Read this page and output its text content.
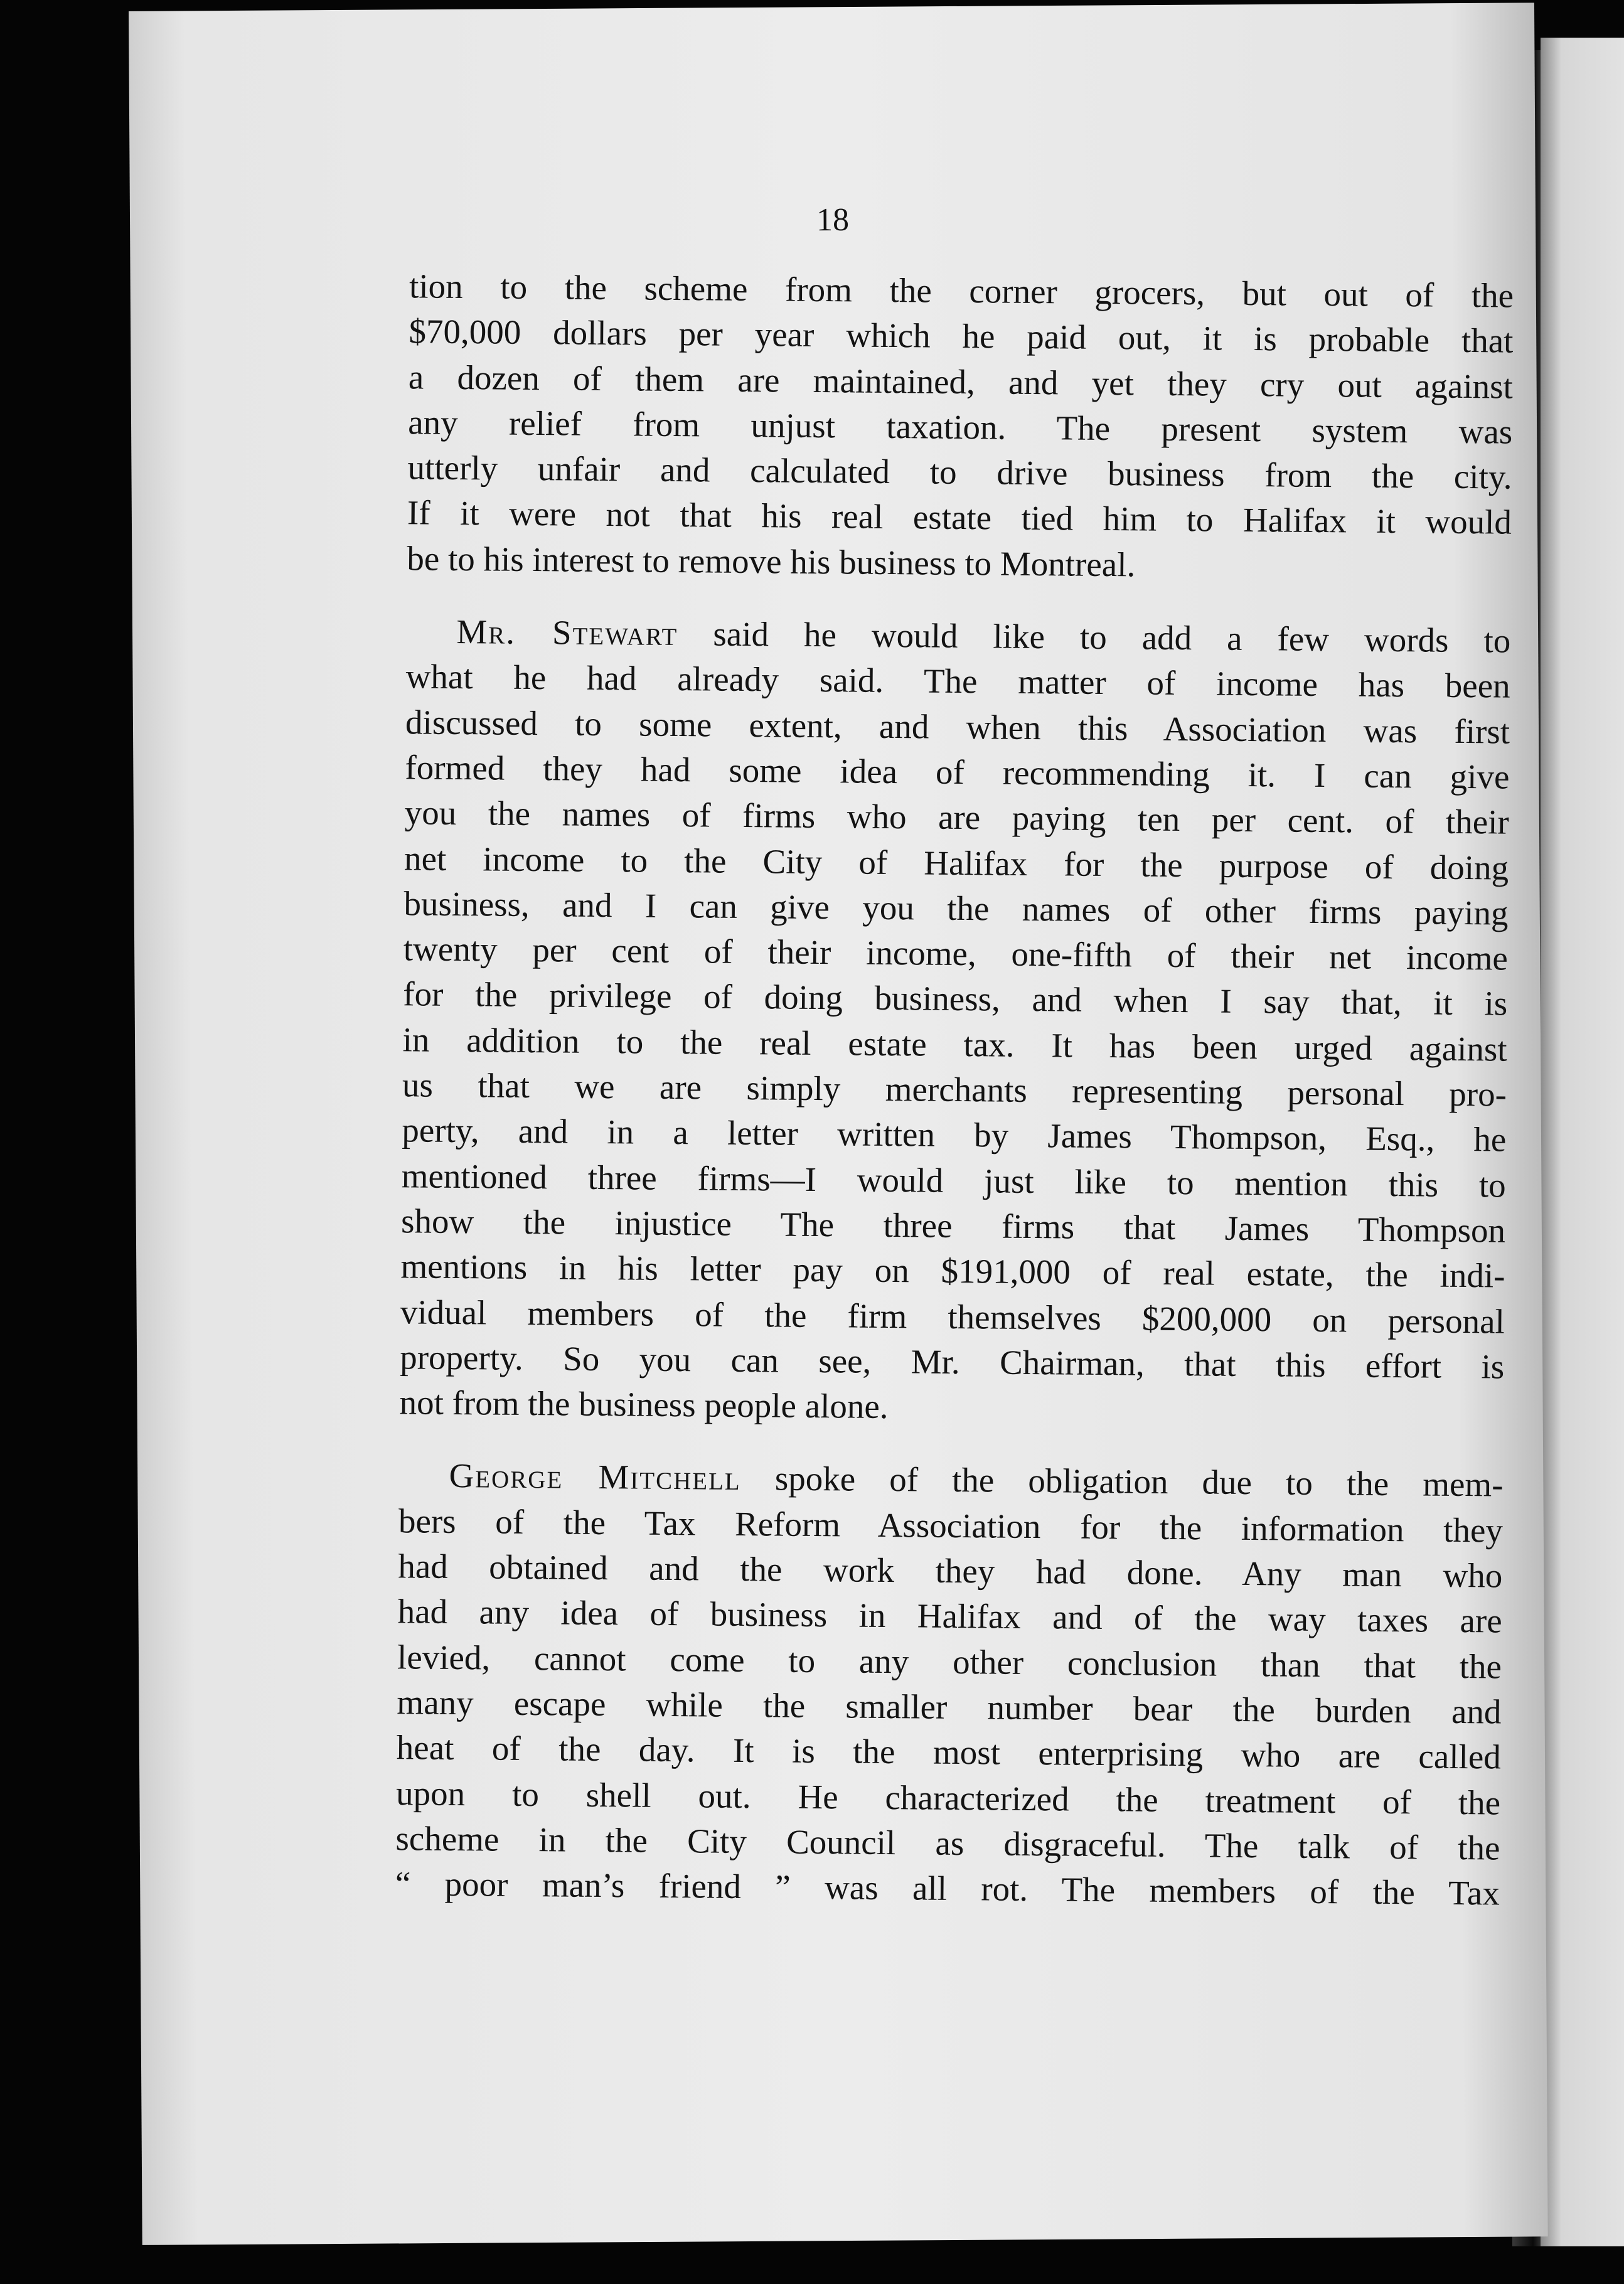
18

tion to the scheme from the corner grocers, but out of the
$70,000 dollars per year which he paid out, it is probable that
a dozen of them are maintained, and yet they cry out against
any relief from unjust taxation. The present system was
utterly unfair and calculated to drive business from the city.
If it were not that his real estate tied him to Halifax it would
be to his interest to remove his business to Montreal.

Mr. Stewart said he would like to add a few words to
what he had already said. The matter of income has been
discussed to some extent, and when this Association was first
formed they had some idea of recommending it. I can give
you the names of firms who are paying ten per cent. of their
net income to the City of Halifax for the purpose of doing
business, and I can give you the names of other firms paying
twenty per cent of their income, one-fifth of their net income
for the privilege of doing business, and when I say that, it is
in addition to the real estate tax. It has been urged against
us that we are simply merchants representing personal pro-
perty, and in a letter written by James Thompson, Esq., he
mentioned three firms—I would just like to mention this to
show the injustice The three firms that James Thompson
mentions in his letter pay on $191,000 of real estate, the indi-
vidual members of the firm themselves $200,000 on personal
property. So you can see, Mr. Chairman, that this effort is
not from the business people alone.

George Mitchell spoke of the obligation due to the mem-
bers of the Tax Reform Association for the information they
had obtained and the work they had done. Any man who
had any idea of business in Halifax and of the way taxes are
levied, cannot come to any other conclusion than that the
many escape while the smaller number bear the burden and
heat of the day. It is the most enterprising who are called
upon to shell out. He characterized the treatment of the
scheme in the City Council as disgraceful. The talk of the
“ poor man’s friend ” was all rot. The members of the Tax
